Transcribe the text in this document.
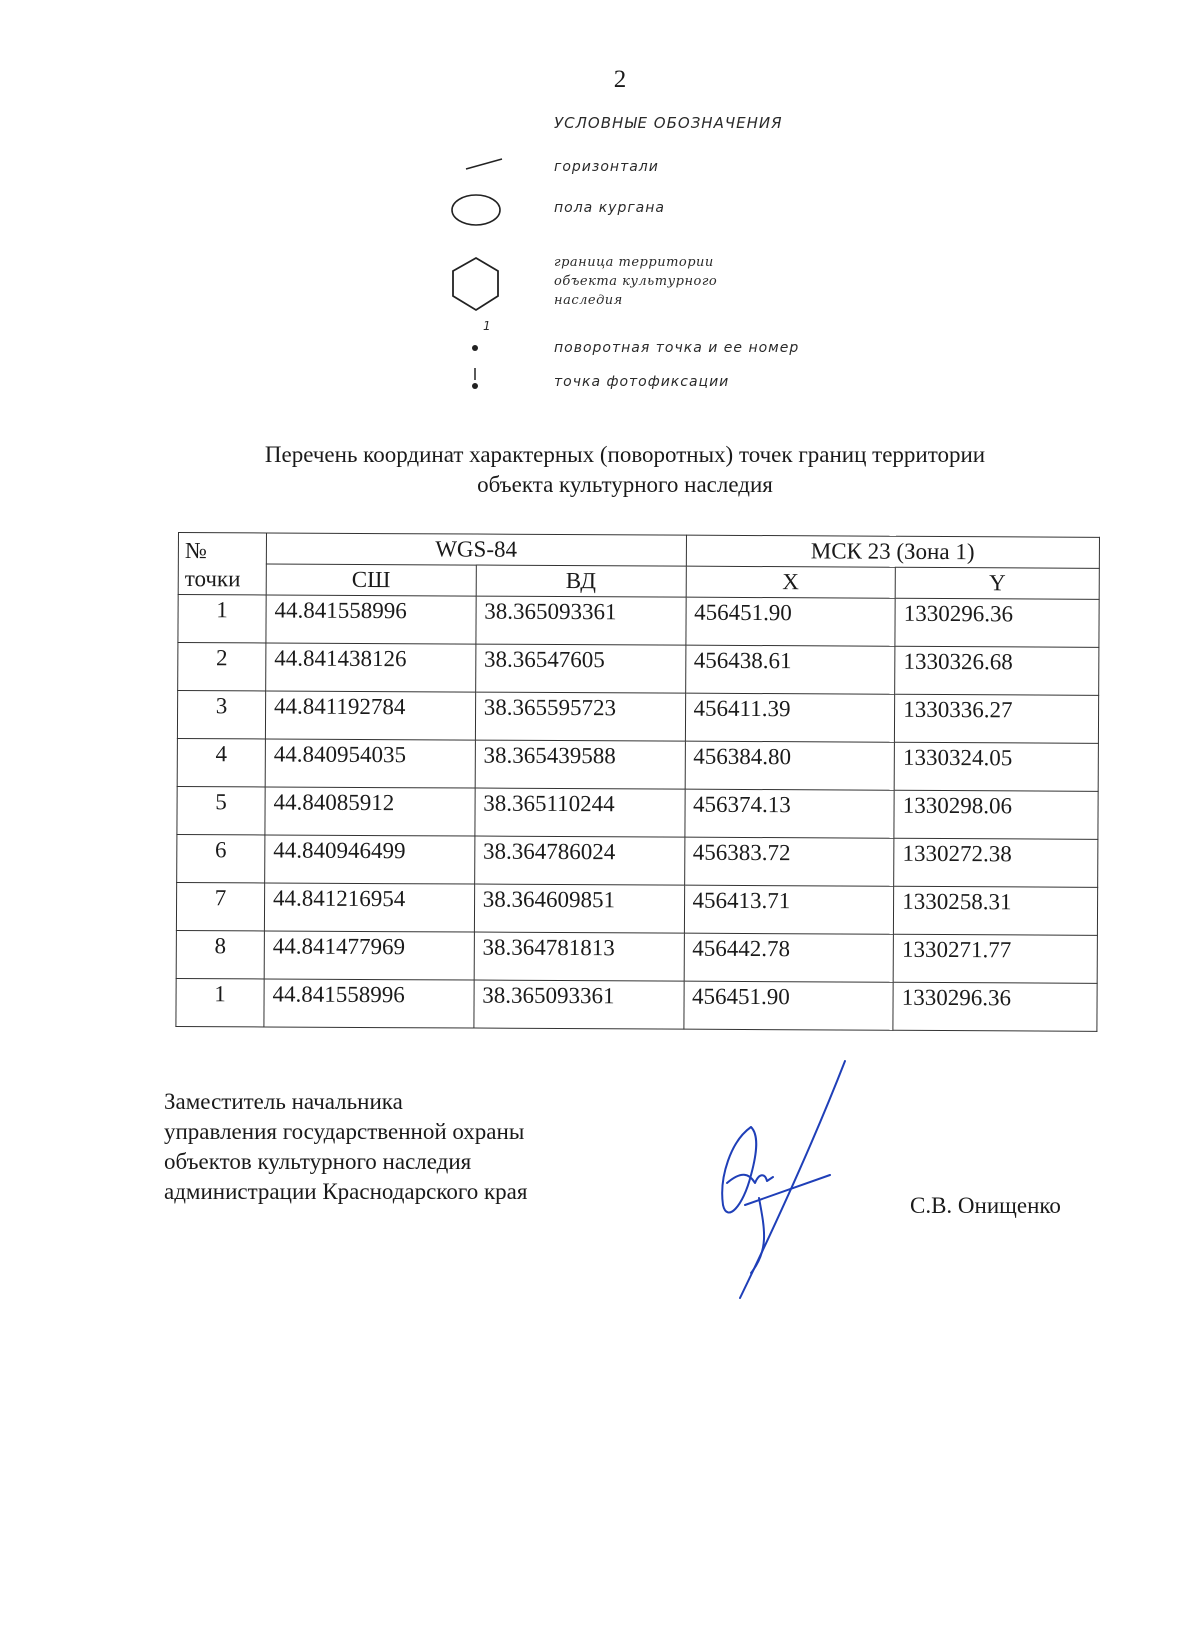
2
УСЛОВНЫЕ ОБОЗНАЧЕНИЯ
горизонтали
пола кургана
граница территории
объекта культурного
наследия
1
поворотная точка и ее номер
точка фотофиксации
Перечень координат характерных (поворотных) точек границ территории
объекта культурного наследия
№
точки	WGS-84		МСК 23 (Зона 1)	
	СШ	ВД	X	Y
1	44.841558996	38.365093361	456451.90	1330296.36
2	44.841438126	38.36547605	456438.61	1330326.68
3	44.841192784	38.365595723	456411.39	1330336.27
4	44.840954035	38.365439588	456384.80	1330324.05
5	44.84085912	38.365110244	456374.13	1330298.06
6	44.840946499	38.364786024	456383.72	1330272.38
7	44.841216954	38.364609851	456413.71	1330258.31
8	44.841477969	38.364781813	456442.78	1330271.77
1	44.841558996	38.365093361	456451.90	1330296.36
Заместитель начальника
управления государственной охраны
объектов культурного наследия
администрации Краснодарского края
С.В. Онищенко
